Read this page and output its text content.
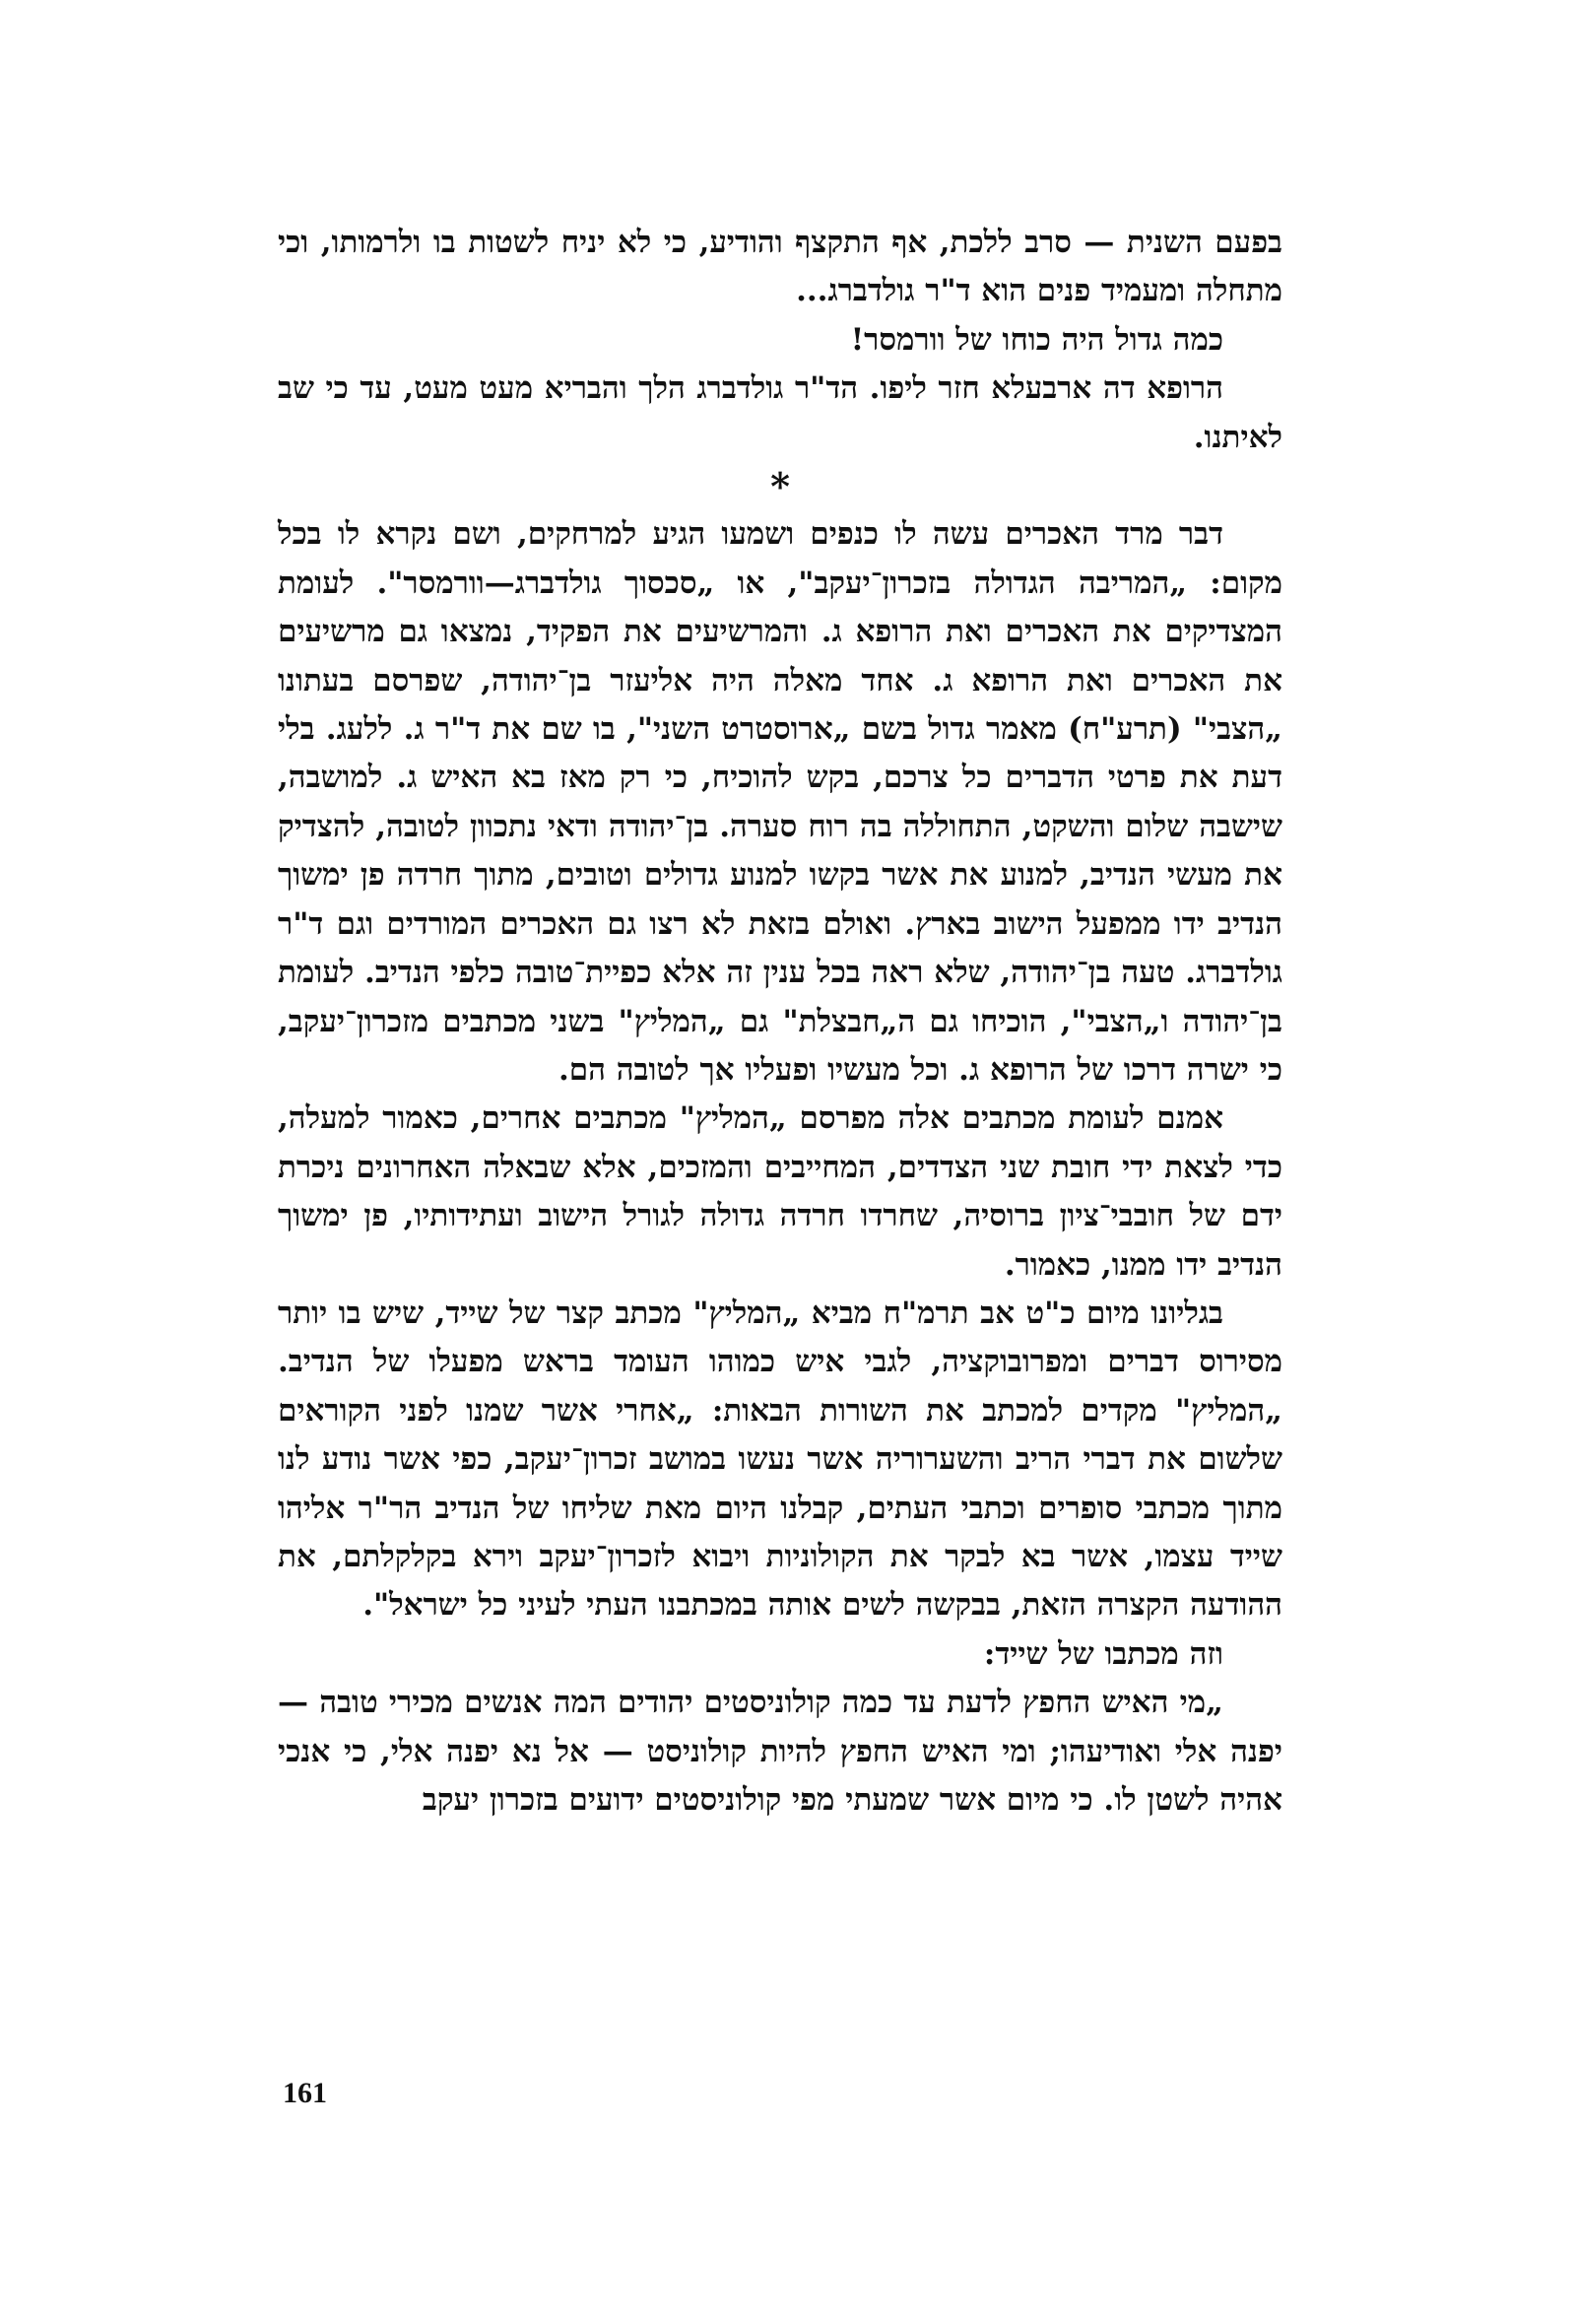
בפעם השנית — סרב ללכת, אף התקצף והודיע, כי לא יניח לשטות בו ולרמותו, וכי מתחלה ומעמיד פנים הוא ד"ר גולדברג...

כמה גדול היה כוחו של וורמסר!

הרופא דה ארבעלא חזר ליפו. הד"ר גולדברג הלך והבריא מעט מעט, עד כי שב לאיתנו.

*

דבר מרד האכרים עשה לו כנפים ושמעו הגיע למרחקים, ושם נקרא לו בכל מקום: „המריבה הגדולה בזכרון־יעקב", או „סכסוך גולדברג—וורמסר". לעומת המצדיקים את האכרים ואת הרופא ג. והמרשיעים את הפקיד, נמצאו גם מרשיעים את האכרים ואת הרופא ג. אחד מאלה היה אליעזר בן־יהודה, שפרסם בעתונו „הצבי" (תרע"ח) מאמר גדול בשם „ארוסטרט השני", בו שם את ד"ר ג. ללעג. בלי דעת את פרטי הדברים כל צרכם, בקש להוכיח, כי רק מאז בא האיש ג. למושבה, שישבה שלום והשקט, התחוללה בה רוח סערה. בן־יהודה ודאי נתכוון לטובה, להצדיק את מעשי הנדיב, למנוע את אשר בקשו למנוע גדולים וטובים, מתוך חרדה פן ימשוך הנדיב ידו ממפעל הישוב בארץ. ואולם בזאת לא רצו גם האכרים המורדים וגם ד"ר גולדברג. טעה בן־יהודה, שלא ראה בכל ענין זה אלא כפיית־טובה כלפי הנדיב. לעומת בן־יהודה ו„הצבי", הוכיחו גם ה„חבצלת" גם „המליץ" בשני מכתבים מזכרון־יעקב, כי ישרה דרכו של הרופא ג. וכל מעשיו ופעליו אך לטובה הם.

אמנם לעומת מכתבים אלה מפרסם „המליץ" מכתבים אחרים, כאמור למעלה, כדי לצאת ידי חובת שני הצדדים, המחייבים והמזכים, אלא שבאלה האחרונים ניכרת ידם של חובבי־ציון ברוסיה, שחרדו חרדה גדולה לגורל הישוב ועתידותיו, פן ימשוך הנדיב ידו ממנו, כאמור.

בגליונו מיום כ"ט אב תרמ"ח מביא „המליץ" מכתב קצר של שייד, שיש בו יותר מסירוס דברים ומפרובוקציה, לגבי איש כמוהו העומד בראש מפעלו של הנדיב. „המליץ" מקדים למכתב את השורות הבאות: „אחרי אשר שמנו לפני הקוראים שלשום את דברי הריב והשערוריה אשר נעשו במושב זכרון־יעקב, כפי אשר נודע לנו מתוך מכתבי סופרים וכתבי העתים, קבלנו היום מאת שליחו של הנדיב הר"ר אליהו שייד עצמו, אשר בא לבקר את הקולוניות ויבוא לזכרון־יעקב וירא בקלקלתם, את ההודעה הקצרה הזאת, בבקשה לשים אותה במכתבנו העתי לעיני כל ישראל".

וזה מכתבו של שייד:

„מי האיש החפץ לדעת עד כמה קולוניסטים יהודים המה אנשים מכירי טובה — יפנה אלי ואודיעהו; ומי האיש החפץ להיות קולוניסט — אל נא יפנה אלי, כי אנכי אהיה לשטן לו. כי מיום אשר שמעתי מפי קולוניסטים ידועים בזכרון יעקב

161
